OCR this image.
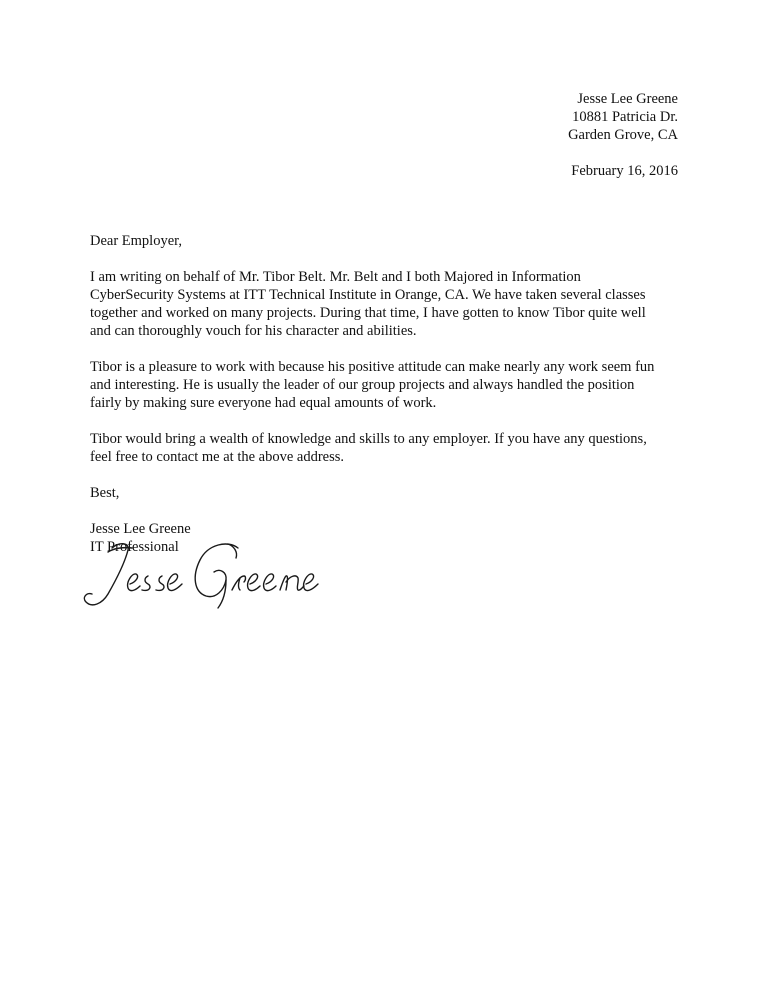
Jesse Lee Greene
10881 Patricia Dr.
Garden Grove, CA
February 16, 2016

Dear Employer,

I am writing on behalf of Mr. Tibor Belt. Mr. Belt and I both Majored in Information
CyberSecurity Systems at ITT Technical Institute in Orange, CA. We have taken several classes
together and worked on many projects. During that time, I have gotten to know Tibor quite well
and can thoroughly vouch for his character and abilities.

Tibor is a pleasure to work with because his positive attitude can make nearly any work seem fun
and interesting. He is usually the leader of our group projects and always handled the position
fairly by making sure everyone had equal amounts of work.

Tibor would bring a wealth of knowledge and skills to any employer. If you have any questions,
feel free to contact me at the above address.

Best,

Jesse Lee Greene
IT Professional
